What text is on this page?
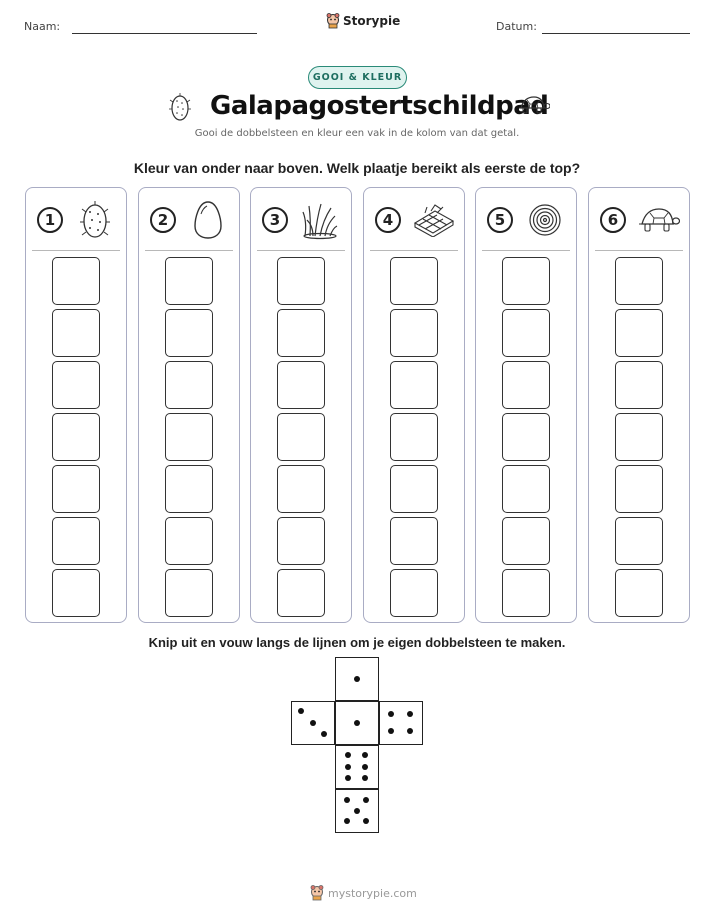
Naam:	Storypie	Datum:
GOOI & KLEUR
Galapagostertschildpad
Gooi de dobbelsteen en kleur een vak in de kolom van dat getal.
Kleur van onder naar boven. Welk plaatje bereikt als eerste de top?
1	2	3	4	5	6
Knip uit en vouw langs de lijnen om je eigen dobbelsteen te maken.
mystorypie.com
